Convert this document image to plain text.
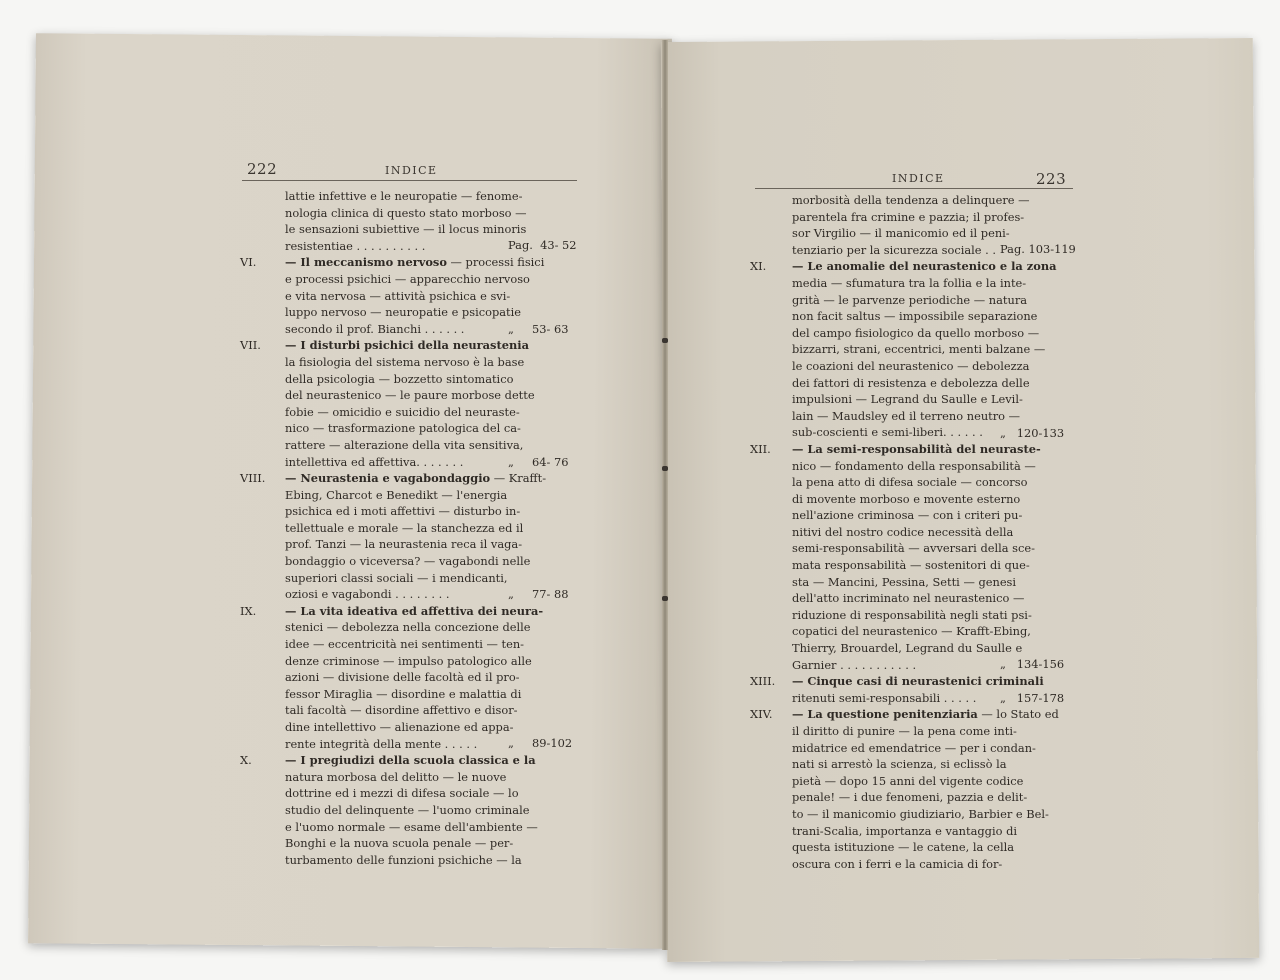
222	INDICE
INDICE	223
lattie infettive e le neuropatie — fenome-
nologia clinica di questo stato morboso —
le sensazioni subiettive — il locus minoris
resistentiae . . . . . . . . . .	Pag.  43- 52
VI.	— Il meccanismo nervoso — processi fisici
e processi psichici — apparecchio nervoso
e vita nervosa — attività psichica e svi-
luppo nervoso — neuropatie e psicopatie
secondo il prof. Bianchi . . . . . .	„     53- 63
VII. — I disturbi psichici della neurastenia
la fisiologia del sistema nervoso è la base
della psicologia — bozzetto sintomatico
del neurastenico — le paure morbose dette
fobie — omicidio e suicidio del neuraste-
nico — trasformazione patologica del ca-
rattere — alterazione della vita sensitiva,
intellettiva ed affettiva. . . . . . .	„     64- 76
VIII. — Neurastenia e vagabondaggio — Krafft-
Ebing, Charcot e Benedikt — l'energia
psichica ed i moti affettivi — disturbo in-
tellettuale e morale — la stanchezza ed il
prof. Tanzi — la neurastenia reca il vaga-
bondaggio o viceversa? — vagabondi nelle
superiori classi sociali — i mendicanti,
oziosi e vagabondi . . . . . . . .	„     77- 88
IX.	— La vita ideativa ed affettiva dei neura-
stenici — debolezza nella concezione delle
idee — eccentricità nei sentimenti — ten-
denze criminose — impulso patologico alle
azioni — divisione delle facoltà ed il pro-
fessor Miraglia — disordine e malattia di
tali facoltà — disordine affettivo e disor-
dine intellettivo — alienazione ed appa-
rente integrità della mente . . . . .	„     89-102
X.	— I pregiudizi della scuola classica e la
natura morbosa del delitto — le nuove
dottrine ed i mezzi di difesa sociale — lo
studio del delinquente — l'uomo criminale
e l'uomo normale — esame dell'ambiente —
Bonghi e la nuova scuola penale — per-
turbamento delle funzioni psichiche — la
morbosità della tendenza a delinquere —
parentela fra crimine e pazzia; il profes-
sor Virgilio — il manicomio ed il peni-
tenziario per la sicurezza sociale . . Pag. 103-119
XI. — Le anomalie del neurastenico e la zona
media — sfumatura tra la follia e la inte-
grità — le parvenze periodiche — natura
non facit saltus — impossibile separazione
del campo fisiologico da quello morboso —
bizzarri, strani, eccentrici, menti balzane —
le coazioni del neurastenico — debolezza
dei fattori di resistenza e debolezza delle
impulsioni — Legrand du Saulle e Levil-
lain — Maudsley ed il terreno neutro —
sub-coscienti e semi-liberi. . . . . .	„   120-133
XII. — La semi-responsabilità del neuraste-
nico — fondamento della responsabilità —
la pena atto di difesa sociale — concorso
di movente morboso e movente esterno
nell'azione criminosa — con i criteri pu-
nitivi del nostro codice necessità della
semi-responsabilità — avversari della sce-
mata responsabilità — sostenitori di que-
sta — Mancini, Pessina, Setti — genesi
dell'atto incriminato nel neurastenico —
riduzione di responsabilità negli stati psi-
copatici del neurastenico — Krafft-Ebing,
Thierry, Brouardel, Legrand du Saulle e
Garnier . . . . . . . . . . .	„   134-156
XIII. — Cinque casi di neurastenici criminali
ritenuti semi-responsabili . . . . .	„   157-178
XIV. — La questione penitenziaria — lo Stato ed
il diritto di punire — la pena come inti-
midatrice ed emendatrice — per i condan-
nati si arrestò la scienza, si eclissò la
pietà — dopo 15 anni del vigente codice
penale! — i due fenomeni, pazzia e delit-
to — il manicomio giudiziario, Barbier e Bel-
trani-Scalia, importanza e vantaggio di
questa istituzione — le catene, la cella
oscura con i ferri e la camicia di for-
